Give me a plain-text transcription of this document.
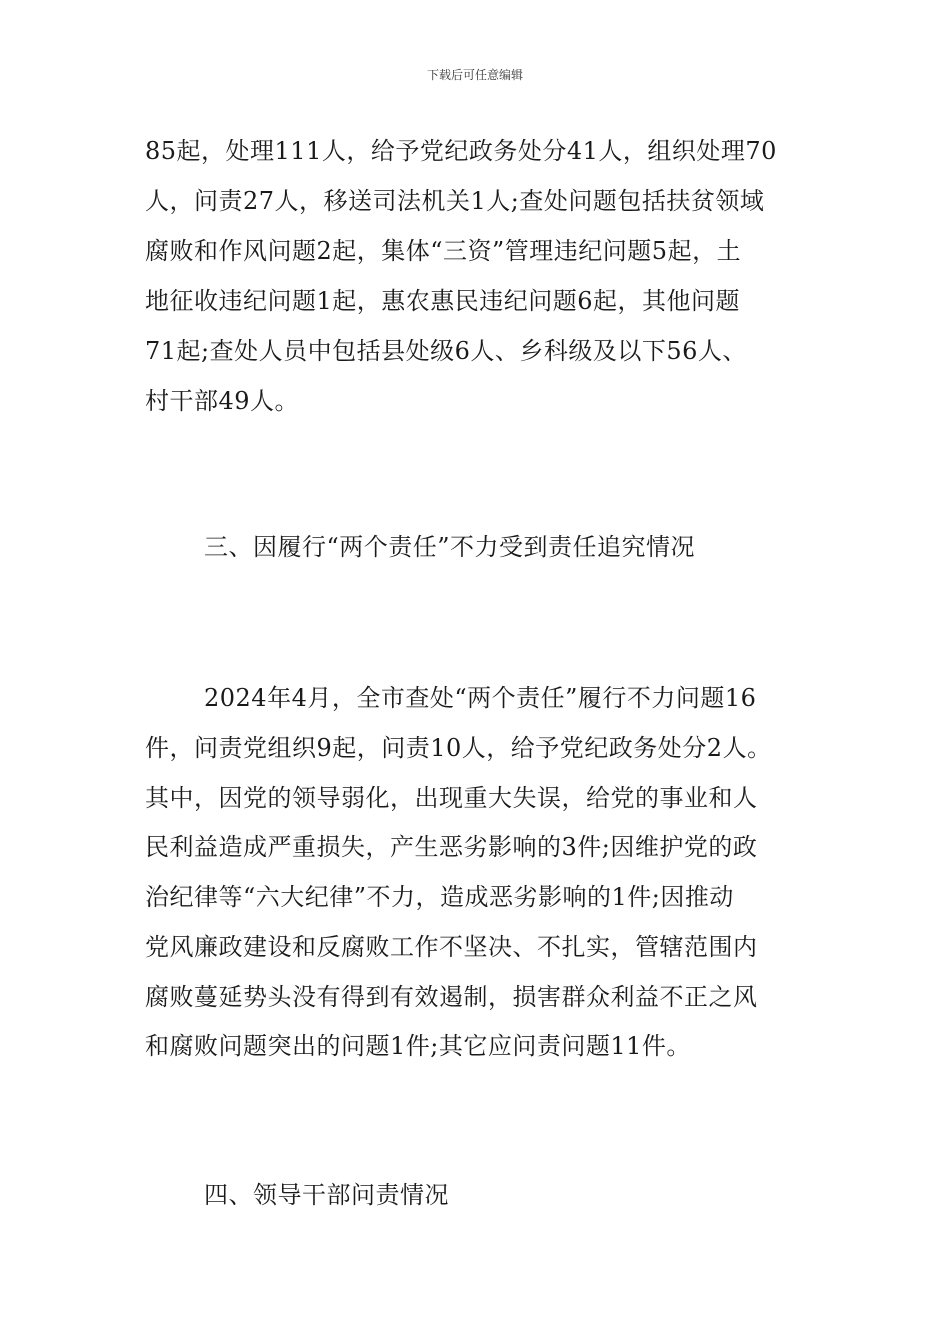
下载后可任意编辑
85起，处理111人，给予党纪政务处分41人，组织处理70
人，问责27人，移送司法机关1人;查处问题包括扶贫领域
腐败和作风问题2起，集体“三资”管理违纪问题5起，土
地征收违纪问题1起，惠农惠民违纪问题6起，其他问题
71起;查处人员中包括县处级6人、乡科级及以下56人、
村干部49人。
三、因履行“两个责任”不力受到责任追究情况
2024年4月，全市查处“两个责任”履行不力问题16
件，问责党组织9起，问责10人，给予党纪政务处分2人。
其中，因党的领导弱化，出现重大失误，给党的事业和人
民利益造成严重损失，产生恶劣影响的3件;因维护党的政
治纪律等“六大纪律”不力，造成恶劣影响的1件;因推动
党风廉政建设和反腐败工作不坚决、不扎实，管辖范围内
腐败蔓延势头没有得到有效遏制，损害群众利益不正之风
和腐败问题突出的问题1件;其它应问责问题11件。
四、领导干部问责情况
